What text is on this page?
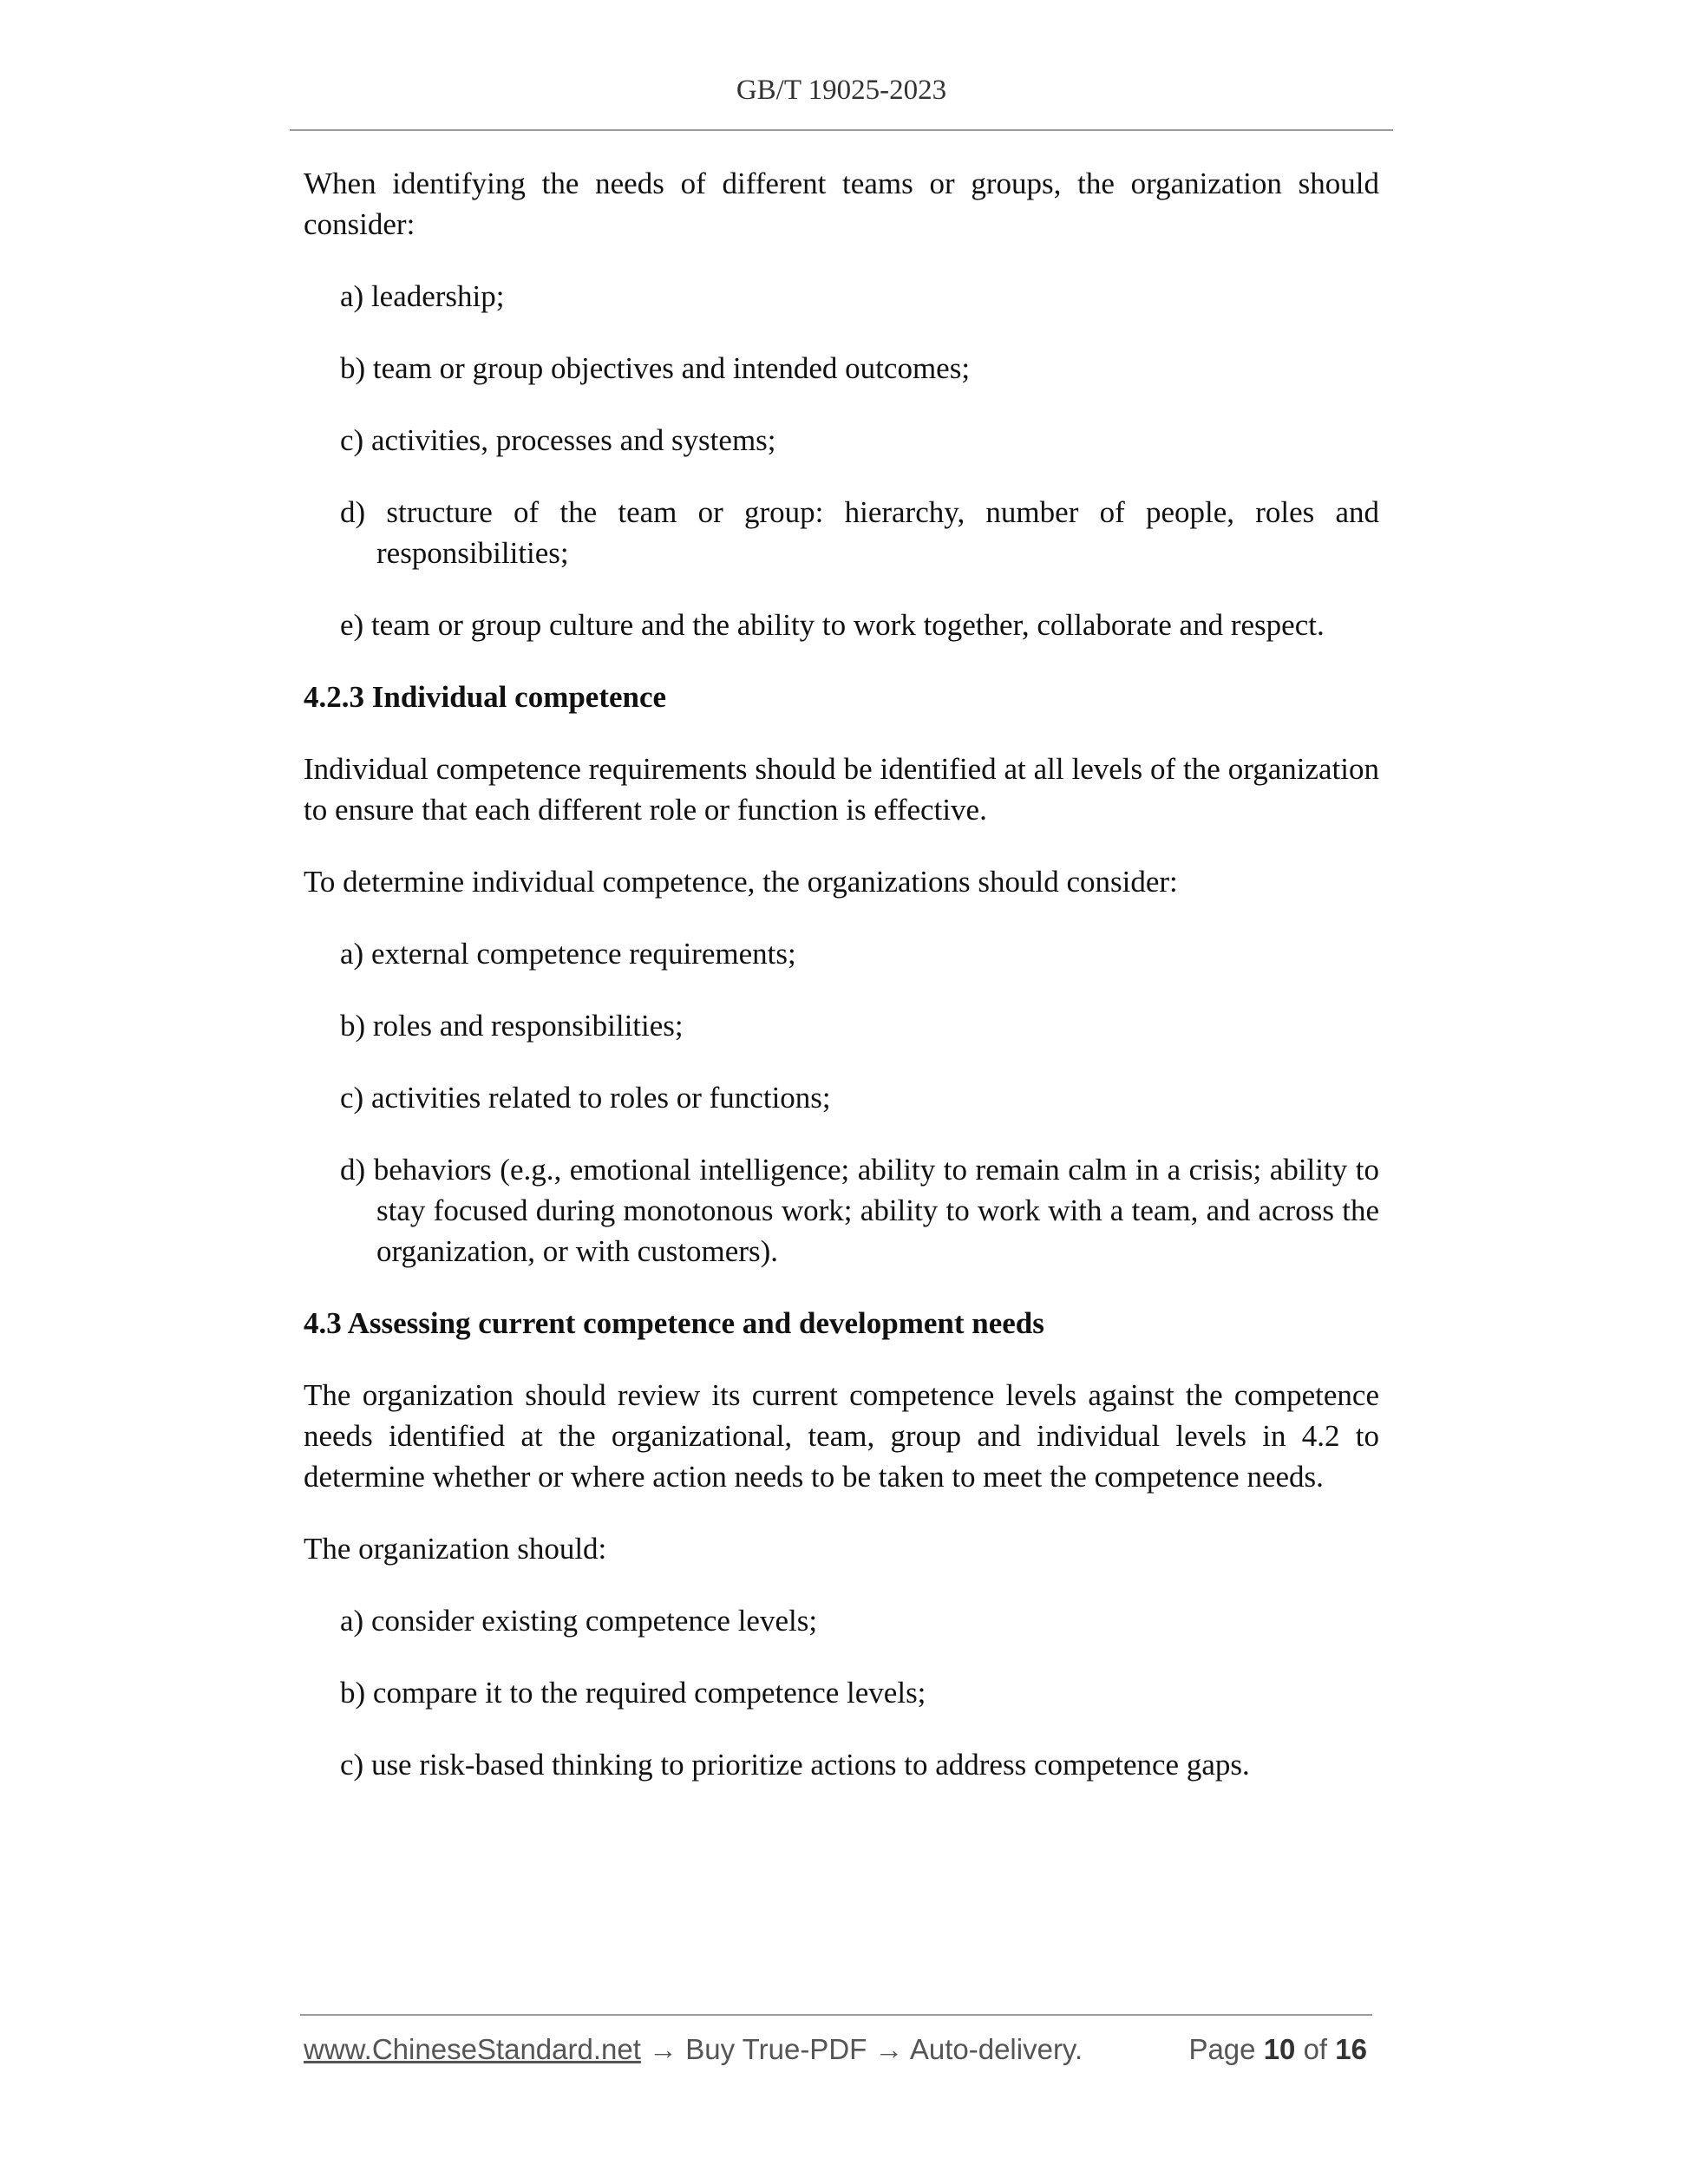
GB/T 19025-2023

When identifying the needs of different teams or groups, the organization should consider:

a) leadership;

b) team or group objectives and intended outcomes;

c) activities, processes and systems;

d) structure of the team or group: hierarchy, number of people, roles and responsibilities;

e) team or group culture and the ability to work together, collaborate and respect.

4.2.3 Individual competence

Individual competence requirements should be identified at all levels of the organization to ensure that each different role or function is effective.

To determine individual competence, the organizations should consider:

a) external competence requirements;

b) roles and responsibilities;

c) activities related to roles or functions;

d) behaviors (e.g., emotional intelligence; ability to remain calm in a crisis; ability to stay focused during monotonous work; ability to work with a team, and across the organization, or with customers).

4.3 Assessing current competence and development needs

The organization should review its current competence levels against the competence needs identified at the organizational, team, group and individual levels in 4.2 to determine whether or where action needs to be taken to meet the competence needs.

The organization should:

a) consider existing competence levels;

b) compare it to the required competence levels;

c) use risk-based thinking to prioritize actions to address competence gaps.

www.ChineseStandard.net → Buy True-PDF → Auto-delivery.	Page 10 of 16
